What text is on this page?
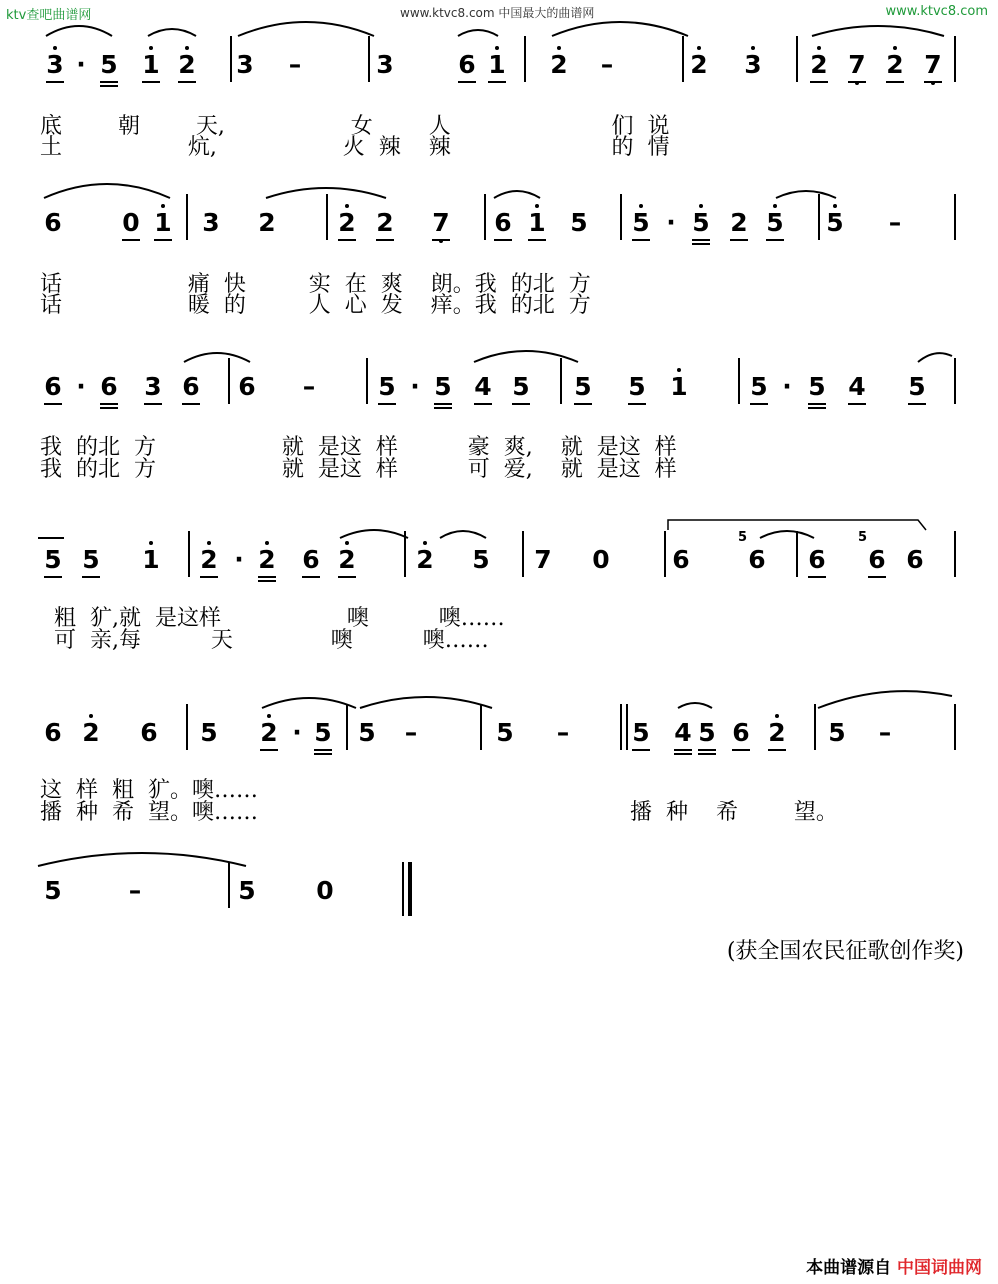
ktv查吧曲谱网	www.ktvc8.com 中国最大的曲谱网	www.ktvc8.com
3 · 5 1 2 3 –	3	6 1 2 –	2 3 2 7 2 7
底        朝        天,                  女        人                       们  说
土                  炕,                  火  辣    辣                       的  情
6 0 1 3 2	2 2 7 6 1 5 5 · 5 2 5 5 –
话                  痛  快         实  在  爽    朗。我  的北  方
话                  暖  的         人  心  发    痒。我  的北  方
6 · 6 3 6 6 –	5 · 5 4 5 5 5 1	5 · 5 4 5
我  的北  方                  就  是这  样          豪  爽,    就  是这  样
我  的北  方                  就  是这  样          可  爱,    就  是这  样
5 5 1 2 · 2 6 2 2 5 7 0	6 6 6 6 6
粗  犷,就  是这样                  噢          噢……
可  亲,每          天              噢          噢……
6 2 6 5 2 · 5 5 –	5 –	5 4 5 6 2 5 –
这  样  粗  犷。噢……
播  种  希  望。噢……	播  种    希        望。
5	–	5 0
5	5
(获全国农民征歌创作奖)
本曲谱源自 中国词曲网
